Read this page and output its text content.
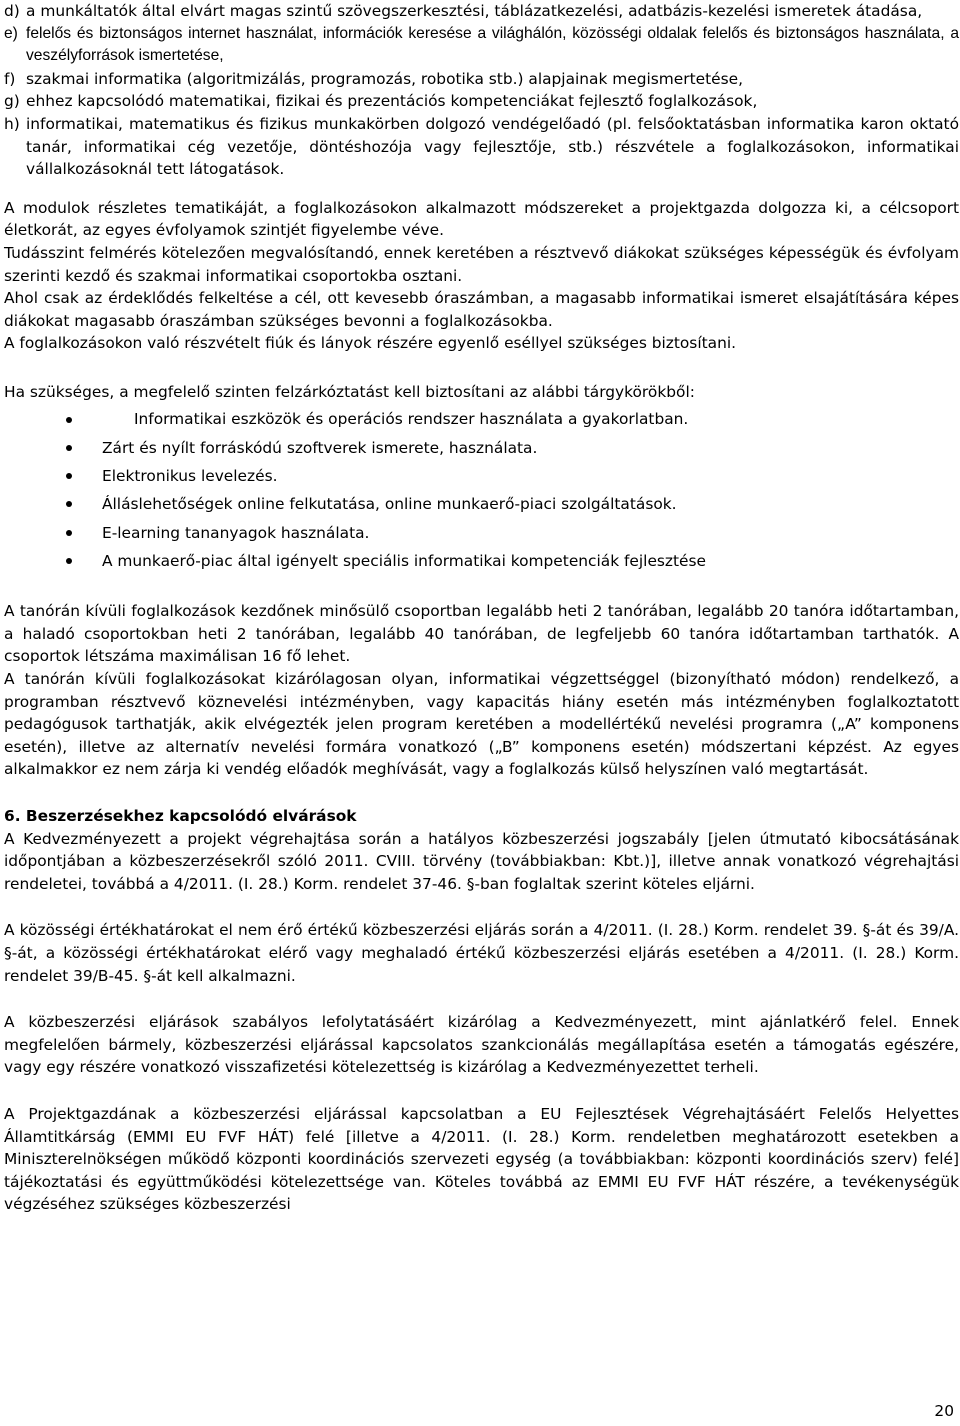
d) a munkáltatók által elvárt magas szintű szövegszerkesztési, táblázatkezelési, adatbázis-kezelési ismeretek átadása,
e) felelős és biztonságos internet használat, információk keresése a világhálón, közösségi oldalak felelős és biztonságos használata, a veszélyforrások ismertetése,
f) szakmai informatika (algoritmizálás, programozás, robotika stb.) alapjainak megismertetése,
g) ehhez kapcsolódó matematikai, fizikai és prezentációs kompetenciákat fejlesztő foglalkozások,
h) informatikai, matematikus és fizikus munkakörben dolgozó vendégelőadó (pl. felsőoktatásban informatika karon oktató tanár, informatikai cég vezetője, döntéshozója vagy fejlesztője, stb.) részvétele a foglalkozásokon, informatikai vállalkozásoknál tett látogatások.

A modulok részletes tematikáját, a foglalkozásokon alkalmazott módszereket a projektgazda dolgozza ki, a célcsoport életkorát, az egyes évfolyamok szintjét figyelembe véve.

Tudásszint felmérés kötelezően megvalósítandó, ennek keretében a résztvevő diákokat szükséges képességük és évfolyam szerinti kezdő és szakmai informatikai csoportokba osztani.

Ahol csak az érdeklődés felkeltése a cél, ott kevesebb óraszámban, a magasabb informatikai ismeret elsajátítására képes diákokat magasabb óraszámban szükséges bevonni a foglalkozásokba.

A foglalkozásokon való részvételt fiúk és lányok részére egyenlő eséllyel szükséges biztosítani.

Ha szükséges, a megfelelő szinten felzárkóztatást kell biztosítani az alábbi tárgykörökből:

Informatikai eszközök és operációs rendszer használata a gyakorlatban.
Zárt és nyílt forráskódú szoftverek ismerete, használata.
Elektronikus levelezés.
Álláslehetőségek online felkutatása, online munkaerő-piaci szolgáltatások.
E-learning tananyagok használata.
A munkaerő-piac által igényelt speciális informatikai kompetenciák fejlesztése

A tanórán kívüli foglalkozások kezdőnek minősülő csoportban legalább heti 2 tanórában, legalább 20 tanóra időtartamban, a haladó csoportokban heti 2 tanórában, legalább 40 tanórában, de legfeljebb 60 tanóra időtartamban tarthatók. A csoportok létszáma maximálisan 16 fő lehet.

A tanórán kívüli foglalkozásokat kizárólagosan olyan, informatikai végzettséggel (bizonyítható módon) rendelkező, a programban résztvevő köznevelési intézményben, vagy kapacitás hiány esetén más intézményben foglalkoztatott pedagógusok tarthatják, akik elvégezték jelen program keretében a modellértékű nevelési programra („A” komponens esetén), illetve az alternatív nevelési formára vonatkozó („B” komponens esetén) módszertani képzést. Az egyes alkalmakkor ez nem zárja ki vendég előadók meghívását, vagy a foglalkozás külső helyszínen való megtartását.

6. Beszerzésekhez kapcsolódó elvárások

A Kedvezményezett a projekt végrehajtása során a hatályos közbeszerzési jogszabály [jelen útmutató kibocsátásának időpontjában a közbeszerzésekről szóló 2011. CVIII. törvény (továbbiakban: Kbt.)], illetve annak vonatkozó végrehajtási rendeletei, továbbá a 4/2011. (I. 28.) Korm. rendelet 37-46. §-ban foglaltak szerint köteles eljárni.

A közösségi értékhatárokat el nem érő értékű közbeszerzési eljárás során a 4/2011. (I. 28.) Korm. rendelet 39. §-át és 39/A. §-át, a közösségi értékhatárokat elérő vagy meghaladó értékű közbeszerzési eljárás esetében a 4/2011. (I. 28.) Korm. rendelet 39/B-45. §-át kell alkalmazni.

A közbeszerzési eljárások szabályos lefolytatásáért kizárólag a Kedvezményezett, mint ajánlatkérő felel. Ennek megfelelően bármely, közbeszerzési eljárással kapcsolatos szankcionálás megállapítása esetén a támogatás egészére, vagy egy részére vonatkozó visszafizetési kötelezettség is kizárólag a Kedvezményezettet terheli.

A Projektgazdának a közbeszerzési eljárással kapcsolatban a EU Fejlesztések Végrehajtásáért Felelős Helyettes Államtitkárság (EMMI EU FVF HÁT) felé [illetve a 4/2011. (I. 28.) Korm. rendeletben meghatározott esetekben a Miniszterelnökségen működő központi koordinációs szervezeti egység (a továbbiakban: központi koordinációs szerv) felé] tájékoztatási és együttműködési kötelezettsége van. Köteles továbbá az EMMI EU FVF HÁT részére, a tevékenységük végzéséhez szükséges közbeszerzési

20
